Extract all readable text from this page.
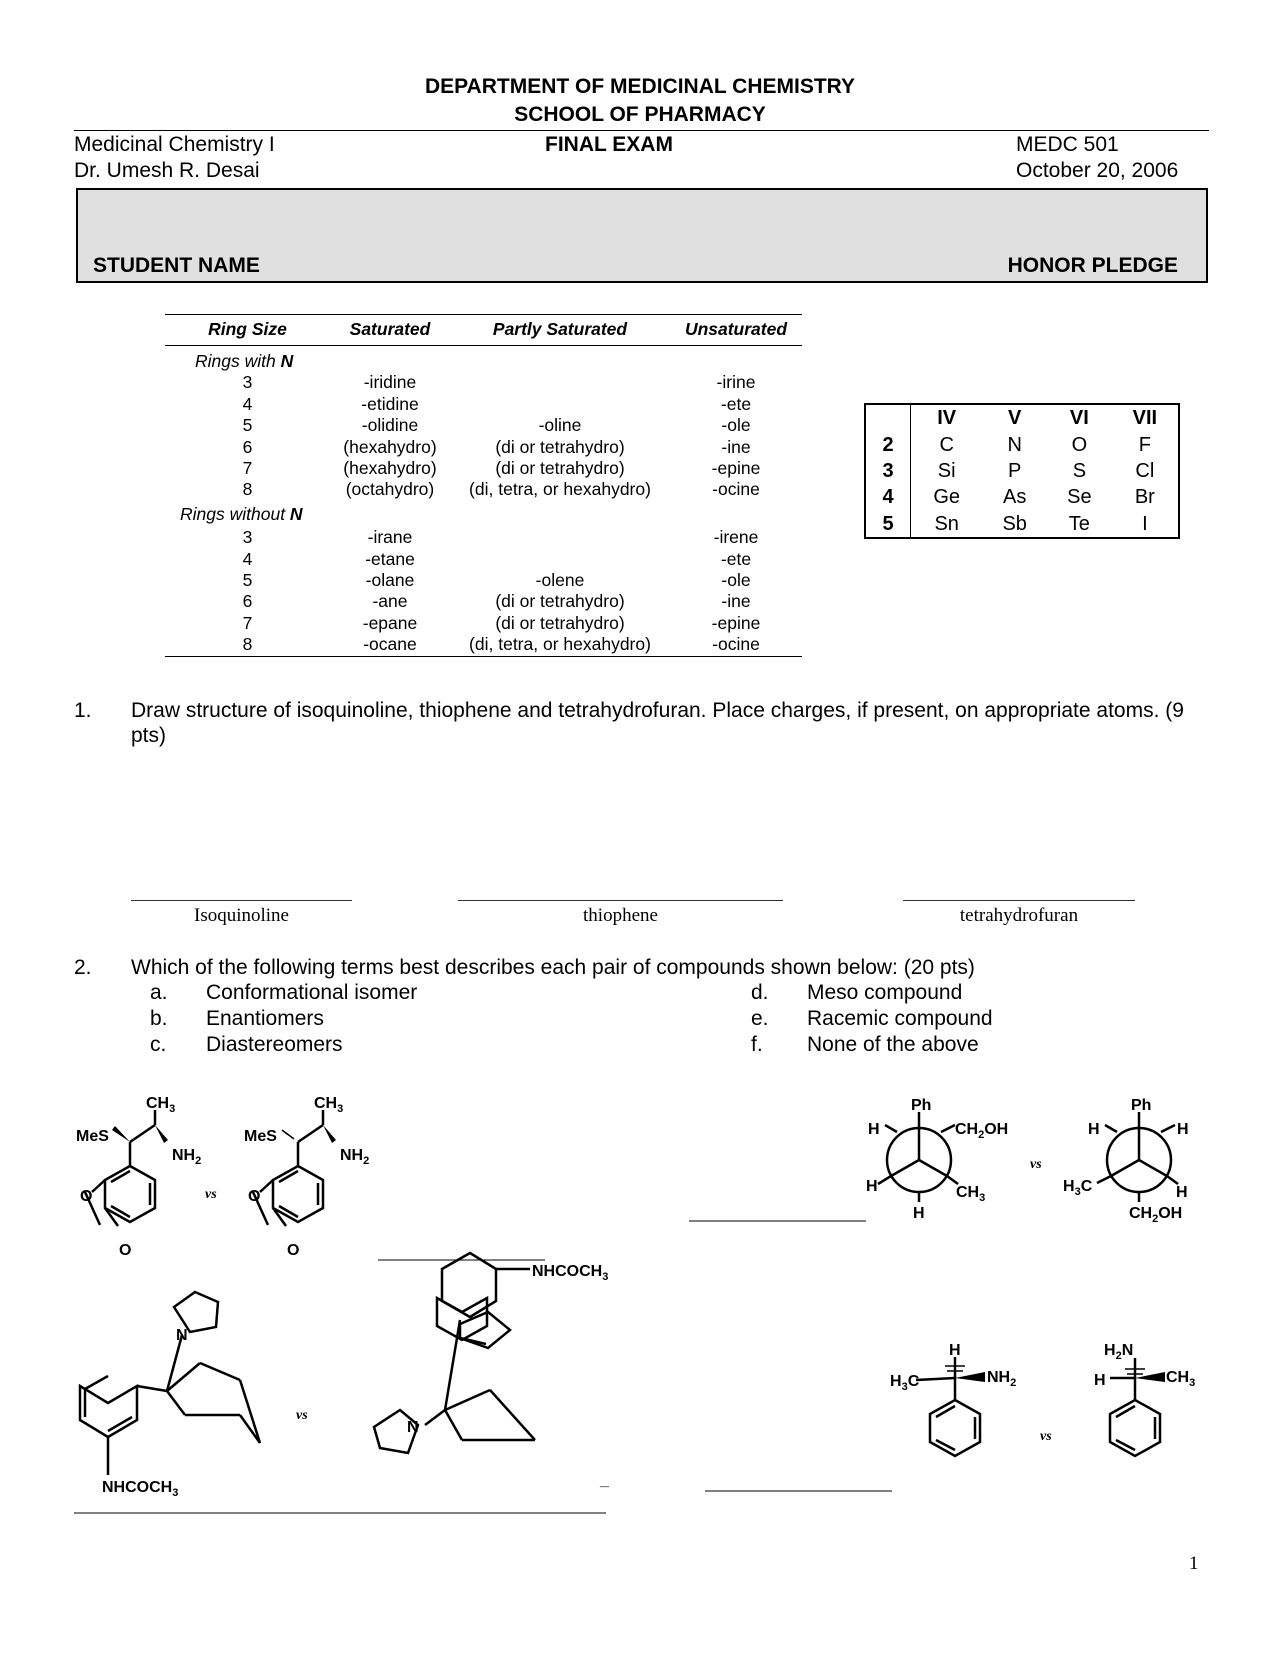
DEPARTMENT OF MEDICINAL CHEMISTRY
SCHOOL OF PHARMACY
Medicinal Chemistry I	FINAL EXAM	MEDC 501
Dr. Umesh R. Desai	October 20, 2006
STUDENT NAME	HONOR PLEDGE
Ring Size	Saturated	Partly Saturated	Unsaturated
Rings with N			
3	-iridine		-irine
4	-etidine		-ete
5	-olidine	-oline	-ole
6	(hexahydro)	(di or tetrahydro)	-ine
7	(hexahydro)	(di or tetrahydro)	-epine
8	(octahydro)	(di, tetra, or hexahydro)	-ocine
Rings without N			
3	-irane		-irene
4	-etane		-ete
5	-olane	-olene	-ole
6	-ane	(di or tetrahydro)	-ine
7	-epane	(di or tetrahydro)	-epine
8	-ocane	(di, tetra, or hexahydro)	-ocine
	IV	V	VI	VII
2	C	N	O	F
3	Si	P	S	Cl
4	Ge	As	Se	Br
5	Sn	Sb	Te	I
1. Draw structure of isoquinoline, thiophene and tetrahydrofuran. Place charges, if present, on appropriate atoms. (9 pts)
Isoquinoline	thiophene	tetrahydrofuran
2. Which of the following terms best describes each pair of compounds shown below: (20 pts)
a. Conformational isomer
b. Enantiomers
c. Diastereomers
d. Meso compound
e. Racemic compound
f. None of the above
$CH_3$
MeS
$NH_2$
O
O
vs
$CH_3$
MeS
$NH_2$
O
O
Ph
H	$CH_2OH$
H
H
$CH_3$
vs
Ph
H	H
$H_3C$	H
$CH_2OH$
N
$NHCOCH_3$
vs
$NHCOCH_3$
N
_
H
$H_3C$	$NH_2$
vs
$H_2N$
H	$CH_3$
1
